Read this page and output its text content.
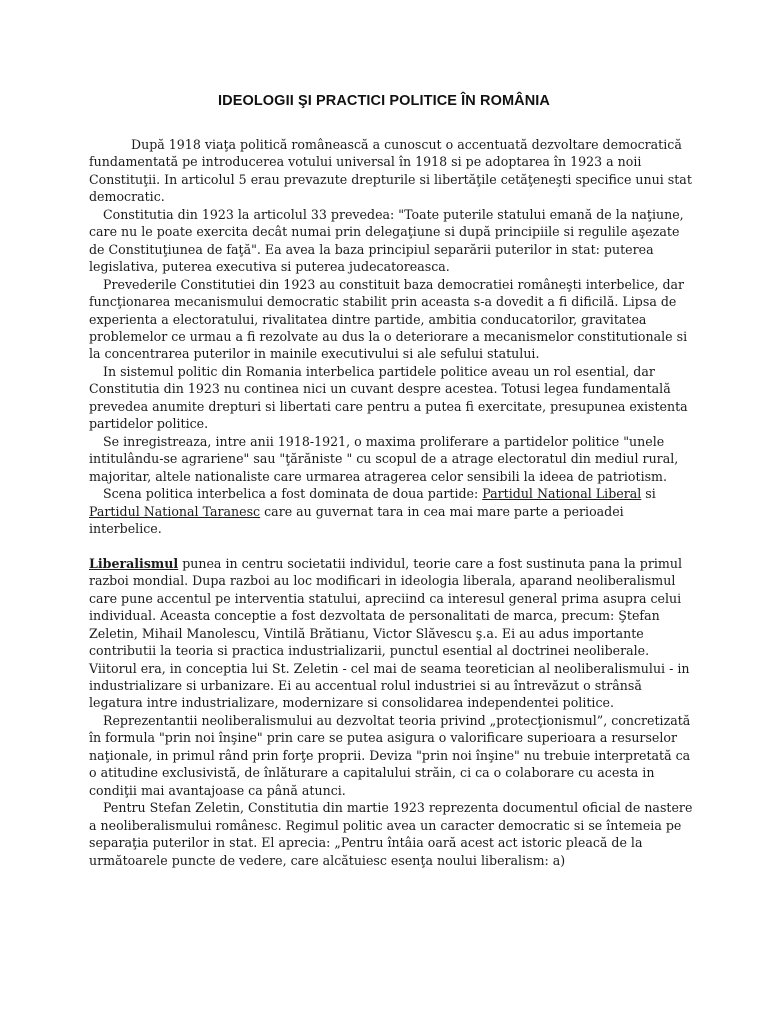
IDEOLOGII ŞI PRACTICI POLITICE ÎN ROMÂNIA

După 1918 viaţa politică românească a cunoscut o accentuată dezvoltare democratică fundamentată pe introducerea votului universal în 1918 si pe adoptarea în 1923 a noii Constituţii. In articolul 5 erau prevazute drepturile si libertăţile cetăţeneşti specifice unui stat democratic.

Constitutia din 1923 la articolul 33 prevedea: "Toate puterile statului emană de la naţiune, care nu le poate exercita decât numai prin delegaţiune si după principiile si regulile aşezate de Constituţiunea de faţă". Ea avea la baza principiul separării puterilor in stat: puterea legislativa, puterea executiva si puterea judecatoreasca.

Prevederile Constitutiei din 1923 au constituit baza democratiei româneşti interbelice, dar funcţionarea mecanismului democratic stabilit prin aceasta s-a dovedit a fi dificilă. Lipsa de experienta a electoratului, rivalitatea dintre partide, ambitia conducatorilor, gravitatea problemelor ce urmau a fi rezolvate au dus la o deteriorare a mecanismelor constitutionale si la concentrarea puterilor in mainile executivului si ale sefului statului.

In sistemul politic din Romania interbelica partidele politice aveau un rol esential, dar Constitutia din 1923 nu continea nici un cuvant despre acestea. Totusi legea fundamentală prevedea anumite drepturi si libertati care pentru a putea fi exercitate, presupunea existenta partidelor politice.

Se inregistreaza, intre anii 1918-1921, o maxima proliferare a partidelor politice "unele intitulându-se agrariene" sau "ţărăniste " cu scopul de a atrage electoratul din mediul rural, majoritar, altele nationaliste care urmarea atragerea celor sensibili la ideea de patriotism.

Scena politica interbelica a fost dominata de doua partide: Partidul National Liberal si Partidul National Taranesc care au guvernat tara in cea mai mare parte a perioadei interbelice.

Liberalismul punea in centru societatii individul, teorie care a fost sustinuta pana la primul razboi mondial. Dupa razboi au loc modificari in ideologia liberala, aparand neoliberalismul care pune accentul pe interventia statului, apreciind ca interesul general prima asupra celui individual. Aceasta conceptie a fost dezvoltata de personalitati de marca, precum: Ştefan Zeletin, Mihail Manolescu, Vintilă Brătianu, Victor Slăvescu ş.a. Ei au adus importante contributii la teoria si practica industrializarii, punctul esential al doctrinei neoliberale. Viitorul era, in conceptia lui St. Zeletin - cel mai de seama teoretician al neoliberalismului - in industrializare si urbanizare. Ei au accentual rolul industriei si au întrevăzut o strânsă legatura intre industrializare, modernizare si consolidarea independentei politice.

Reprezentantii neoliberalismului au dezvoltat teoria privind „protecţionismul”, concretizată în formula "prin noi înşine" prin care se putea asigura o valorificare superioara a resurselor naţionale, in primul rând prin forţe proprii. Deviza "prin noi înşine" nu trebuie interpretată ca o atitudine exclusivistă, de înlăturare a capitalului străin, ci ca o colaborare cu acesta in condiţii mai avantajoase ca până atunci.

Pentru Stefan Zeletin, Constitutia din martie 1923 reprezenta documentul oficial de nastere a neoliberalismului românesc. Regimul politic avea un caracter democratic si se întemeia pe separaţia puterilor in stat. El aprecia: „Pentru întâia oară acest act istoric pleacă de la următoarele puncte de vedere, care alcătuiesc esenţa noului liberalism: a)
